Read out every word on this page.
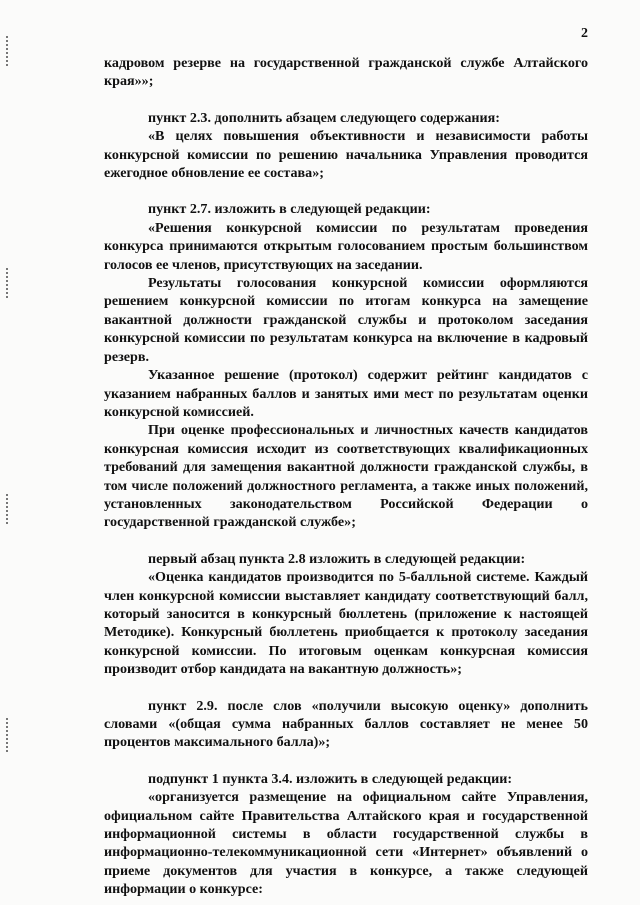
2

кадровом резерве на государственной гражданской службе Алтайского края»»;

пункт 2.3. дополнить абзацем следующего содержания:

«В целях повышения объективности и независимости работы конкурсной комиссии по решению начальника Управления проводится ежегодное обновление ее состава»;

пункт 2.7. изложить в следующей редакции:

«Решения конкурсной комиссии по результатам проведения конкурса принимаются открытым голосованием простым большинством голосов ее членов, присутствующих на заседании.

Результаты голосования конкурсной комиссии оформляются решением конкурсной комиссии по итогам конкурса на замещение вакантной должности гражданской службы и протоколом заседания конкурсной комиссии по результатам конкурса на включение в кадровый резерв.

Указанное решение (протокол) содержит рейтинг кандидатов с указанием набранных баллов и занятых ими мест по результатам оценки конкурсной комиссией.

При оценке профессиональных и личностных качеств кандидатов конкурсная комиссия исходит из соответствующих квалификационных требований для замещения вакантной должности гражданской службы, в том числе положений должностного регламента, а также иных положений, установленных законодательством Российской Федерации о государственной гражданской службе»;

первый абзац пункта 2.8 изложить в следующей редакции:

«Оценка кандидатов производится по 5-балльной системе. Каждый член конкурсной комиссии выставляет кандидату соответствующий балл, который заносится в конкурсный бюллетень (приложение к настоящей Методике). Конкурсный бюллетень приобщается к протоколу заседания конкурсной комиссии. По итоговым оценкам конкурсная комиссия производит отбор кандидата на вакантную должность»;

пункт 2.9. после слов «получили высокую оценку» дополнить словами «(общая сумма набранных баллов составляет не менее 50 процентов максимального балла)»;

подпункт 1 пункта 3.4. изложить в следующей редакции:

«организуется размещение на официальном сайте Управления, официальном сайте Правительства Алтайского края и государственной информационной системы в области государственной службы в информационно-телекоммуникационной сети «Интернет» объявлений о приеме документов для участия в конкурсе, а также следующей информации о конкурсе:
